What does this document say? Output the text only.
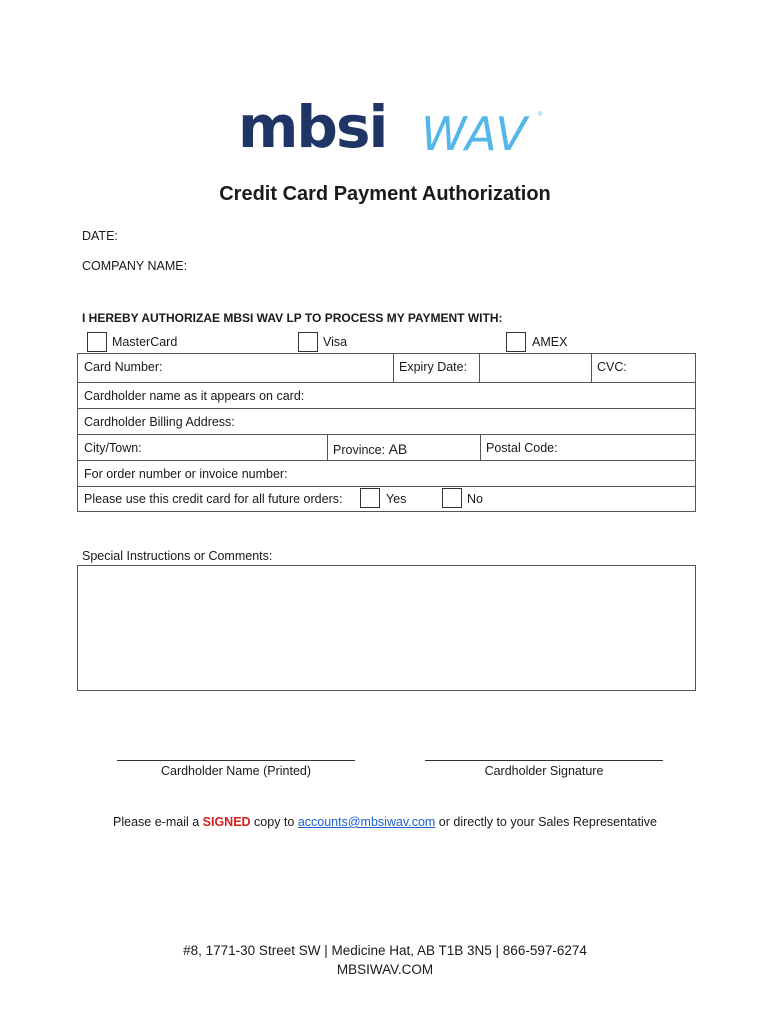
mbsi WAV ®
Credit Card Payment Authorization
DATE:
COMPANY NAME:
I HEREBY AUTHORIZAE MBSI WAV LP TO PROCESS MY PAYMENT WITH:
MasterCard	Visa	AMEX
Card Number:	Expiry Date:	CVC:
Cardholder name as it appears on card:
Cardholder Billing Address:
City/Town:	Province: AB	Postal Code:
For order number or invoice number:
Please use this credit card for all future orders:	Yes	No
Special Instructions or Comments:
Cardholder Name (Printed)	Cardholder Signature
Please e-mail a SIGNED copy to accounts@mbsiwav.com or directly to your Sales Representative
#8, 1771-30 Street SW | Medicine Hat, AB T1B 3N5 | 866-597-6274
MBSIWAV.COM
